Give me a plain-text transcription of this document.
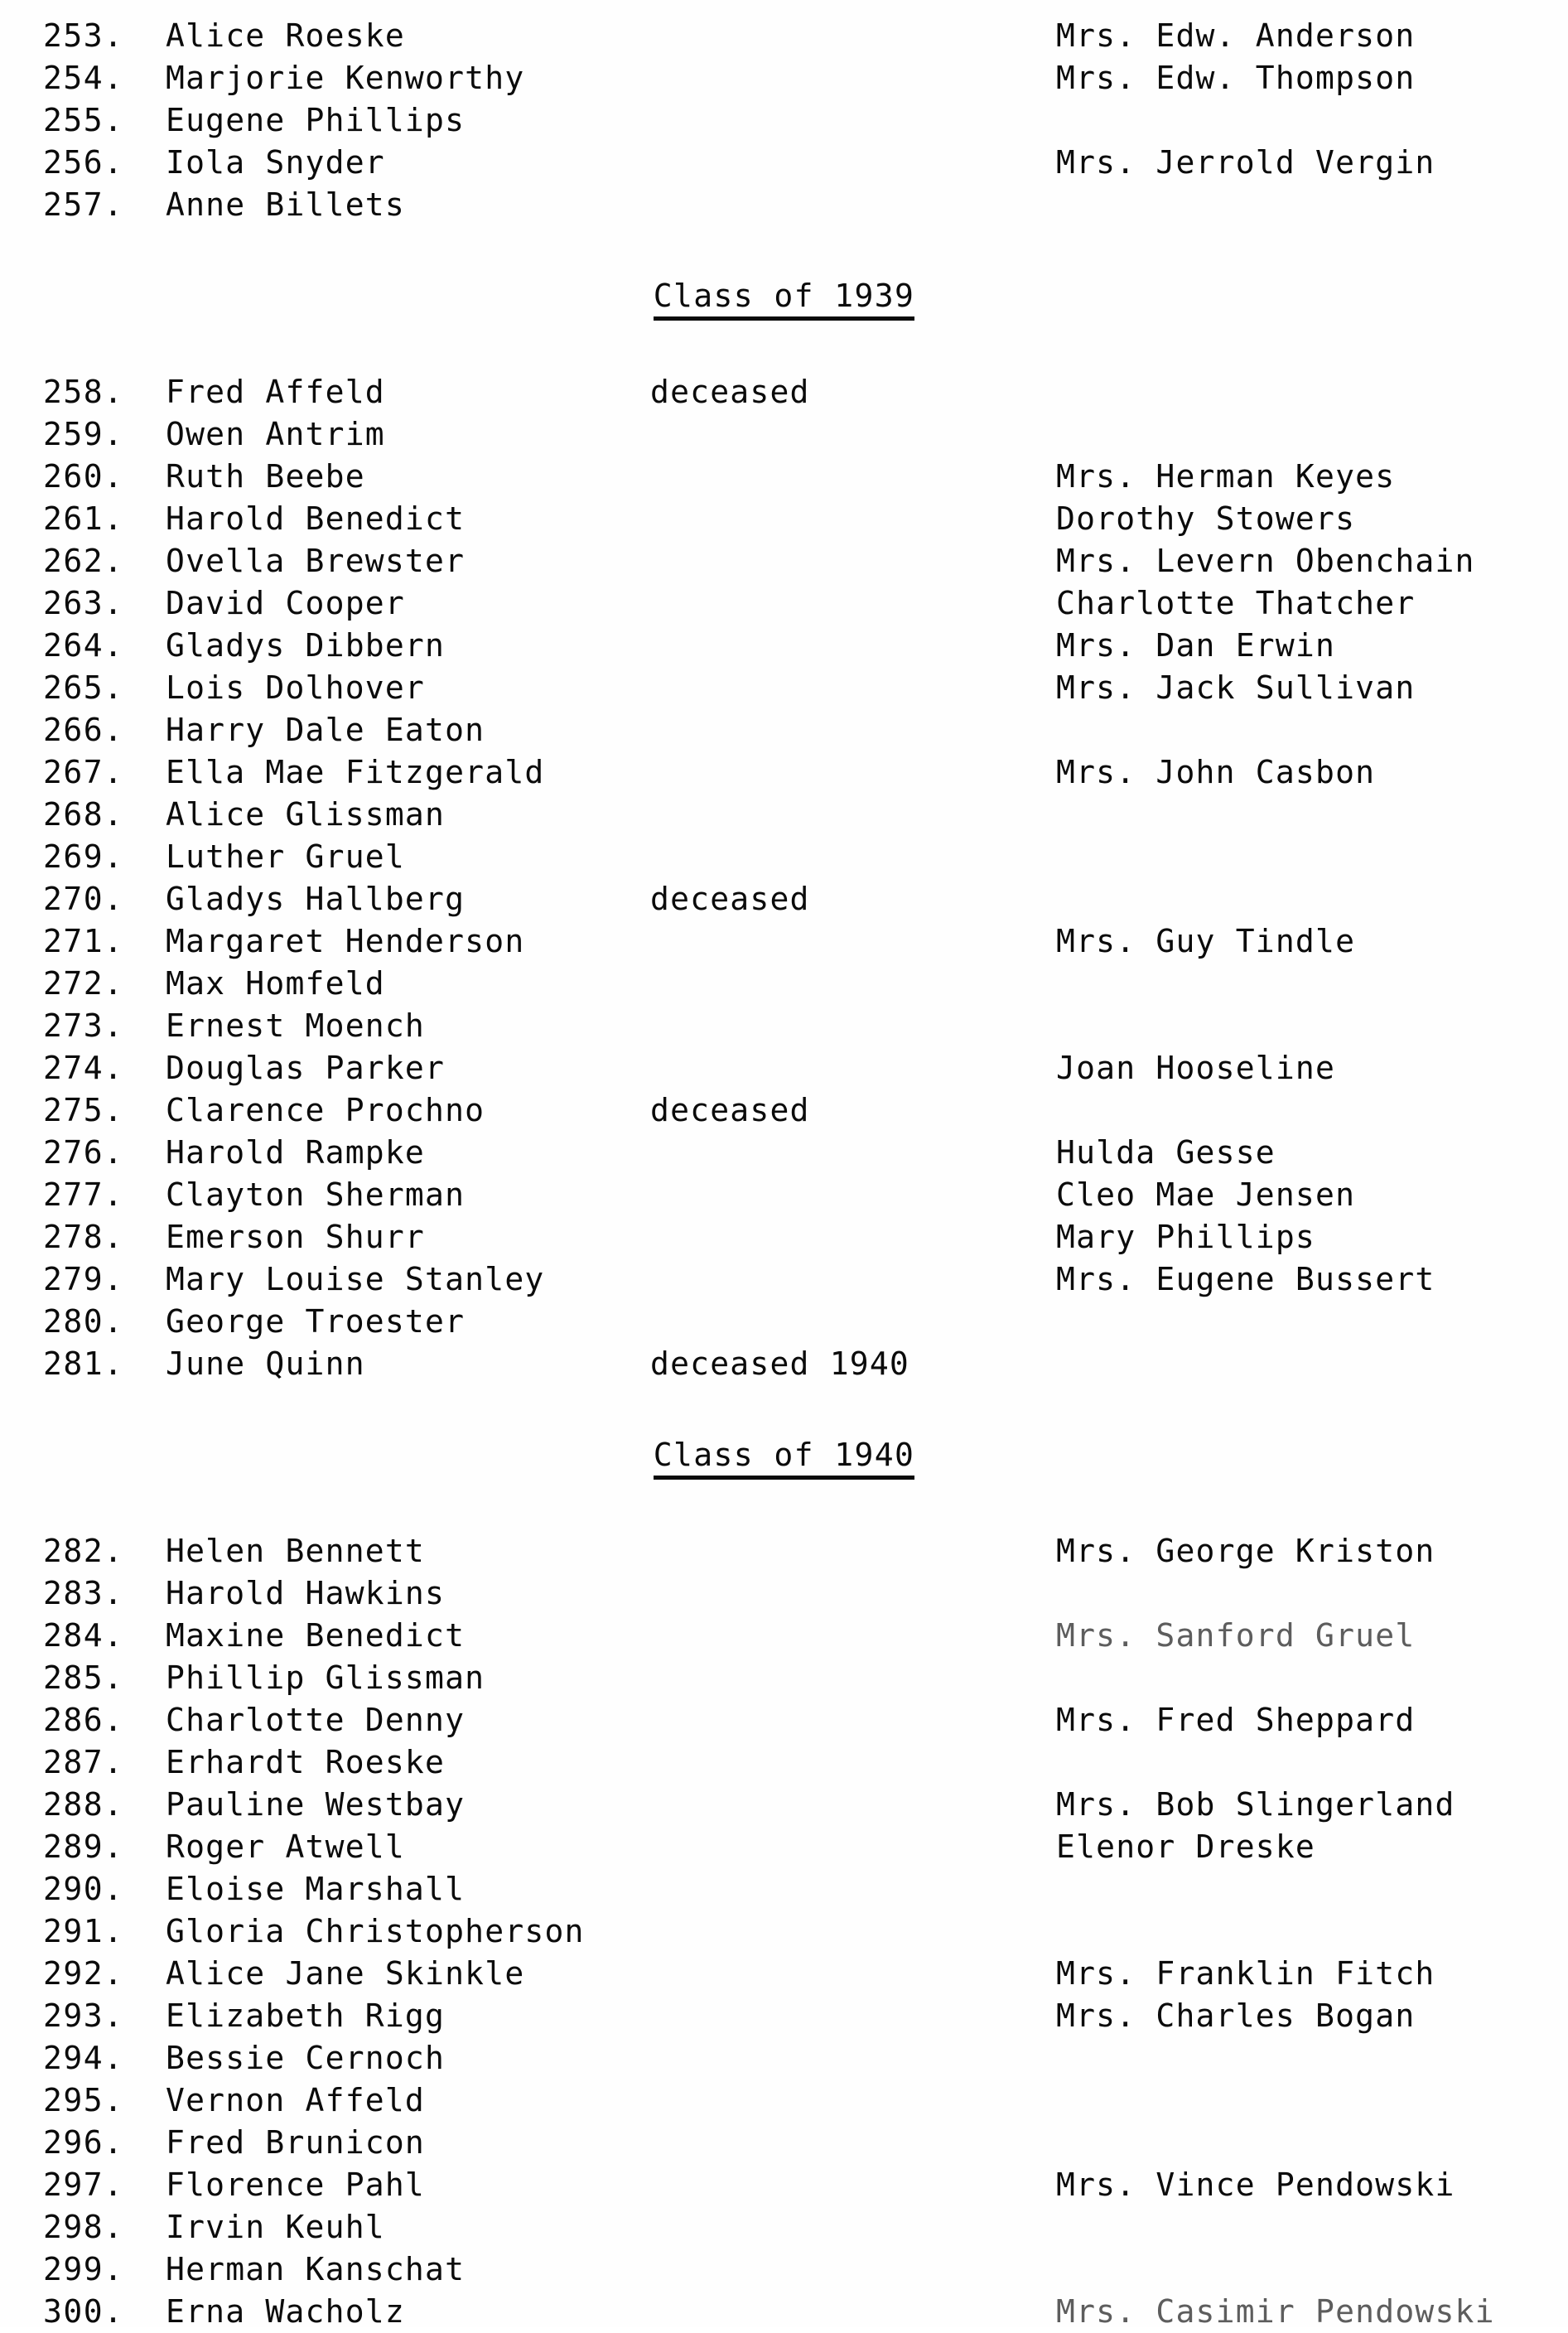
253.	Alice Roeske	Mrs. Edw. Anderson
254.	Marjorie Kenworthy	Mrs. Edw. Thompson
255.	Eugene Phillips
256.	Iola Snyder	Mrs. Jerrold Vergin
257.	Anne Billets
Class of 1939
258.	Fred Affeld	deceased
259.	Owen Antrim
260.	Ruth Beebe	Mrs. Herman Keyes
261.	Harold Benedict	Dorothy Stowers
262.	Ovella Brewster	Mrs. Levern Obenchain
263.	David Cooper	Charlotte Thatcher
264.	Gladys Dibbern	Mrs. Dan Erwin
265.	Lois Dolhover	Mrs. Jack Sullivan
266.	Harry Dale Eaton
267.	Ella Mae Fitzgerald	Mrs. John Casbon
268.	Alice Glissman
269.	Luther Gruel
270.	Gladys Hallberg	deceased
271.	Margaret Henderson	Mrs. Guy Tindle
272.	Max Homfeld
273.	Ernest Moench
274.	Douglas Parker	Joan Hooseline
275.	Clarence Prochno	deceased
276.	Harold Rampke	Hulda Gesse
277.	Clayton Sherman	Cleo Mae Jensen
278.	Emerson Shurr	Mary Phillips
279.	Mary Louise Stanley	Mrs. Eugene Bussert
280.	George Troester
281.	June Quinn	deceased 1940
Class of 1940
282.	Helen Bennett	Mrs. George Kriston
283.	Harold Hawkins
284.	Maxine Benedict	Mrs. Sanford Gruel
285.	Phillip Glissman
286.	Charlotte Denny	Mrs. Fred Sheppard
287.	Erhardt Roeske
288.	Pauline Westbay	Mrs. Bob Slingerland
289.	Roger Atwell	Elenor Dreske
290.	Eloise Marshall
291.	Gloria Christopherson
292.	Alice Jane Skinkle	Mrs. Franklin Fitch
293.	Elizabeth Rigg	Mrs. Charles Bogan
294.	Bessie Cernoch
295.	Vernon Affeld
296.	Fred Brunicon
297.	Florence Pahl	Mrs. Vince Pendowski
298.	Irvin Keuhl
299.	Herman Kanschat
300.	Erna Wacholz	Mrs. Casimir Pendowski
